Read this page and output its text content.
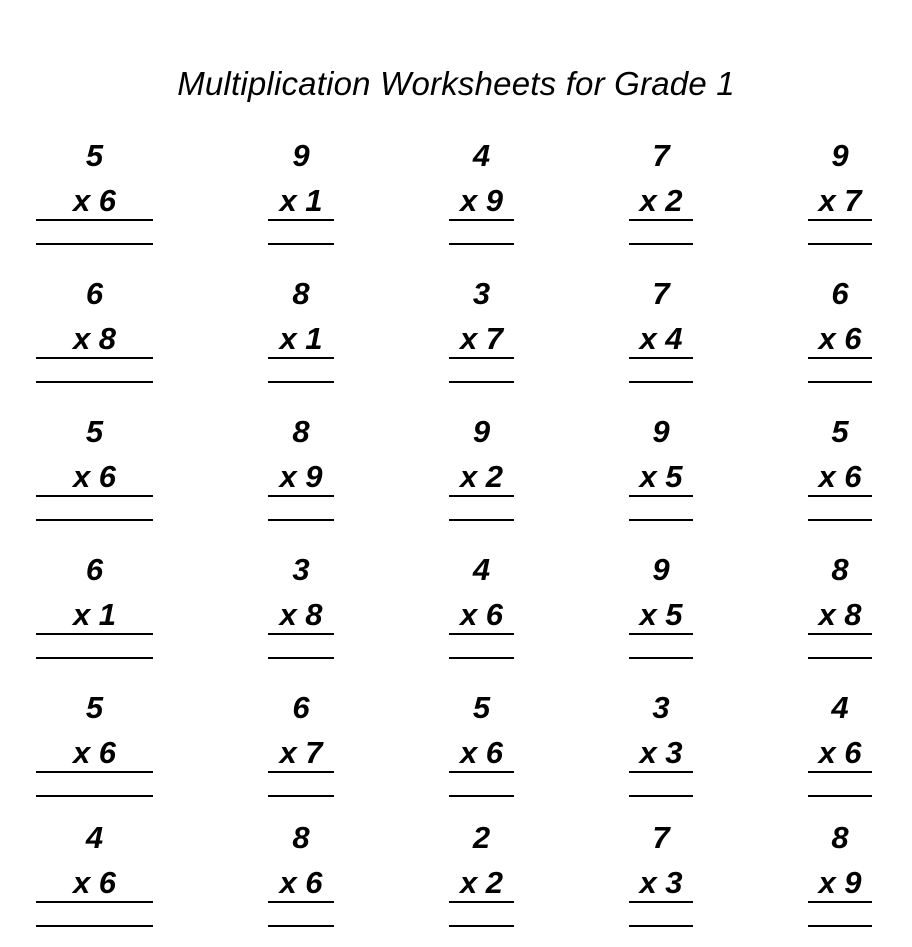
Multiplication Worksheets for Grade 1
5
x 6
9
x 1
4
x 9
7
x 2
9
x 7
6
x 8
8
x 1
3
x 7
7
x 4
6
x 6
5
x 6
8
x 9
9
x 2
9
x 5
5
x 6
6
x 1
3
x 8
4
x 6
9
x 5
8
x 8
5
x 6
6
x 7
5
x 6
3
x 3
4
x 6
4
x 6
8
x 6
2
x 2
7
x 3
8
x 9
